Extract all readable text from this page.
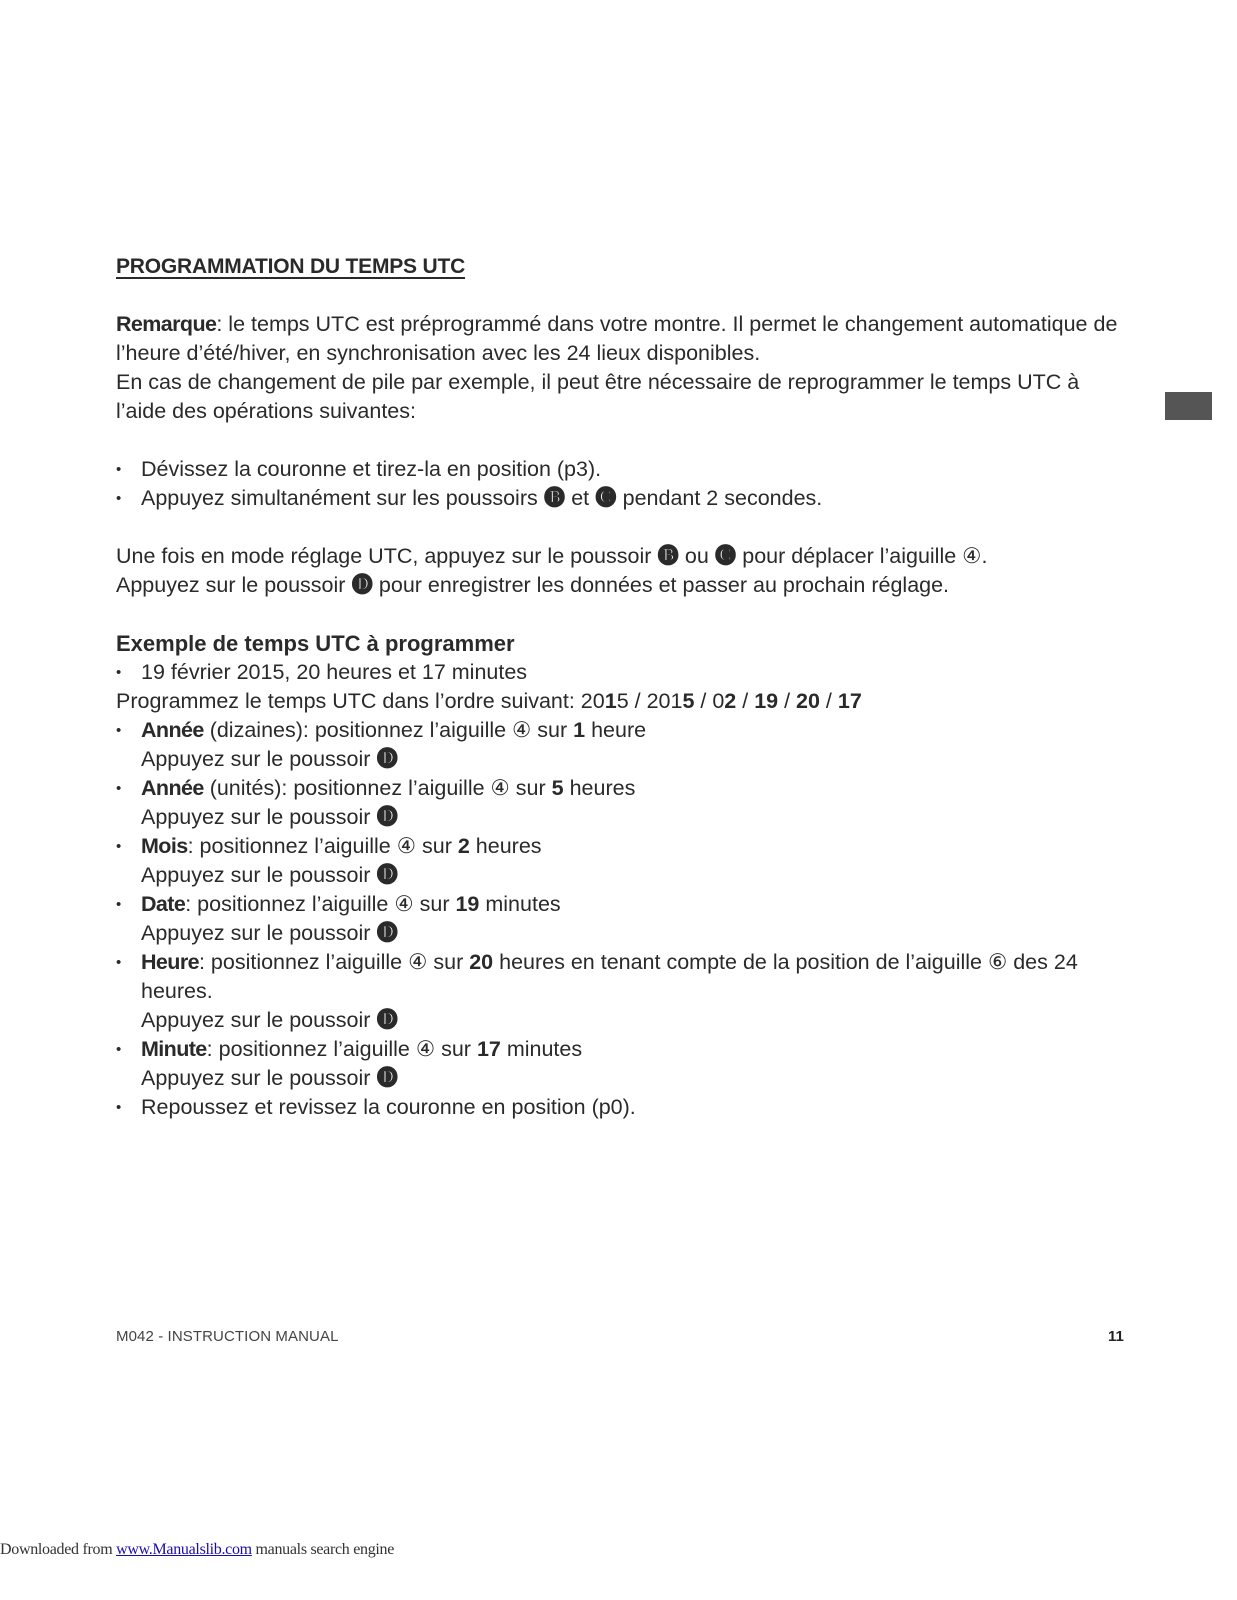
PROGRAMMATION DU TEMPS UTC

Remarque: le temps UTC est préprogrammé dans votre montre. Il permet le changement automatique de l’heure d’été/hiver, en synchronisation avec les 24 lieux disponibles.

En cas de changement de pile par exemple, il peut être nécessaire de reprogrammer le temps UTC à l’aide des opérations suivantes:

• Dévissez la couronne et tirez-la en position (p3).
• Appuyez simultanément sur les poussoirs 🅑 et 🅒 pendant 2 secondes.

Une fois en mode réglage UTC, appuyez sur le poussoir 🅑 ou 🅒 pour déplacer l’aiguille ④.

Appuyez sur le poussoir 🅓 pour enregistrer les données et passer au prochain réglage.

Exemple de temps UTC à programmer

• 19 février 2015, 20 heures et 17 minutes

Programmez le temps UTC dans l’ordre suivant: 2015 / 2015 / 02 / 19 / 20 / 17

• Année (dizaines): positionnez l’aiguille ④ sur 1 heure
Appuyez sur le poussoir 🅓
• Année (unités): positionnez l’aiguille ④ sur 5 heures
Appuyez sur le poussoir 🅓
• Mois: positionnez l’aiguille ④ sur 2 heures
Appuyez sur le poussoir 🅓
• Date: positionnez l’aiguille ④ sur 19 minutes
Appuyez sur le poussoir 🅓
• Heure: positionnez l’aiguille ④ sur 20 heures en tenant compte de la position de l’aiguille ⑥ des 24 heures.
Appuyez sur le poussoir 🅓
• Minute: positionnez l’aiguille ④ sur 17 minutes
Appuyez sur le poussoir 🅓
• Repoussez et revissez la couronne en position (p0).
M042 - INSTRUCTION MANUAL	11
Downloaded from www.Manualslib.com manuals search engine
